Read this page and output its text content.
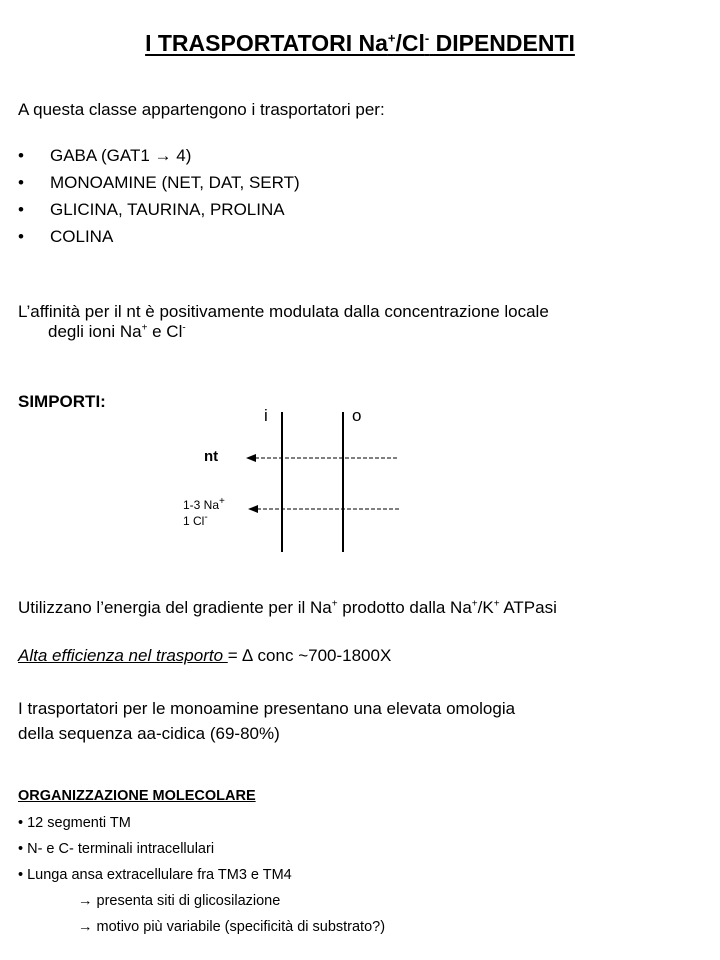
I TRASPORTATORI Na+/Cl- DIPENDENTI
A questa classe appartengono i trasportatori per:
•	GABA (GAT1 → 4)
•	MONOAMINE (NET, DAT, SERT)
•	GLICINA, TAURINA, PROLINA
•	COLINA
L’affinità per il nt è positivamente modulata dalla concentrazione locale
degli ioni Na+ e Cl-
SIMPORTI:
i	o
nt
1-3 Na+
1 Cl-
Utilizzano l’energia del gradiente per il Na+ prodotto dalla Na+/K+ ATPasi
Alta efficienza nel trasporto = ∆ conc ~700-1800X
I trasportatori per le monoamine presentano una elevata omologia
della sequenza aa-cidica (69-80%)
ORGANIZZAZIONE MOLECOLARE
• 12 segmenti TM
• N- e C- terminali intracellulari
• Lunga ansa extracellulare fra TM3 e TM4
→ presenta siti di glicosilazione
→ motivo più variabile (specificità di substrato?)
